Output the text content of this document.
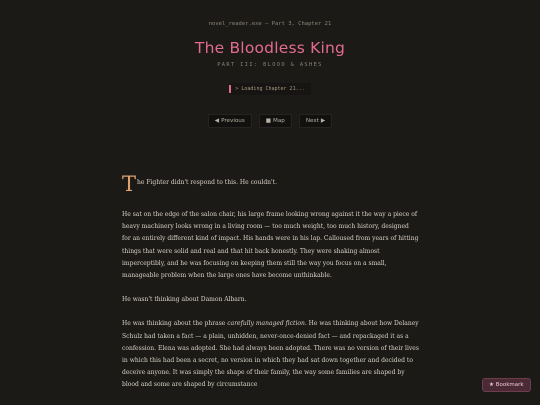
novel_reader.exe — Part 3, Chapter 21
The Bloodless King
PART III: BLOOD & ASHES
> Loading Chapter 21...
◀ Previous	■ Map	Next ▶

T he Fighter didn't respond to this. He couldn't.

He sat on the edge of the salon chair, his large frame looking wrong against it the way a piece of heavy machinery looks wrong in a living room — too much weight, too much history, designed for an entirely different kind of impact. His hands were in his lap. Calloused from years of hitting things that were solid and real and that hit back honestly. They were shaking almost imperceptibly, and he was focusing on keeping them still the way you focus on a small, manageable problem when the large ones have become unthinkable.

He wasn't thinking about Damon Albarn.

He was thinking about the phrase carefully managed fiction. He was thinking about how Delaney Schulz had taken a fact — a plain, unhidden, never-once-denied fact — and repackaged it as a confession. Elena was adopted. She had always been adopted. There was no version of their lives in which this had been a secret, no version in which they had sat down together and decided to deceive anyone. It was simply the shape of their family, the way some families are shaped by blood and some are shaped by circumstance	★ Bookmark
